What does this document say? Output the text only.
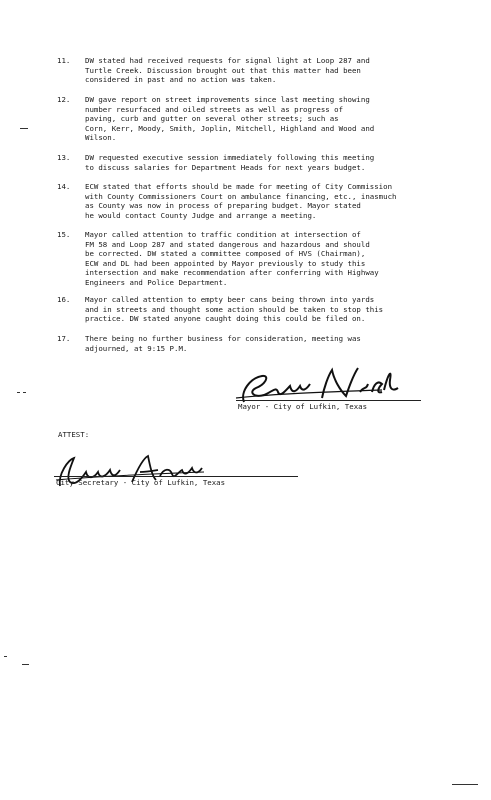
11.	DW stated had received requests for signal light at Loop 287 and
Turtle Creek. Discussion brought out that this matter had been
considered in past and no action was taken.
12.	DW gave report on street improvements since last meeting showing
number resurfaced and oiled streets as well as progress of
paving, curb and gutter on several other streets; such as
Corn, Kerr, Moody, Smith, Joplin, Mitchell, Highland and Wood and
Wilson.
13.	DW requested executive session immediately following this meeting
to discuss salaries for Department Heads for next years budget.
14.	ECW stated that efforts should be made for meeting of City Commission
with County Commissioners Court on ambulance financing, etc., inasmuch
as County was now in process of preparing budget. Mayor stated
he would contact County Judge and arrange a meeting.
15.	Mayor called attention to traffic condition at intersection of
FM 58 and Loop 287 and stated dangerous and hazardous and should
be corrected. DW stated a committee composed of HVS (Chairman),
ECW and DL had been appointed by Mayor previously to study this
intersection and make recommendation after conferring with Highway
Engineers and Police Department.
16.	Mayor called attention to empty beer cans being thrown into yards
and in streets and thought some action should be taken to stop this
practice. DW stated anyone caught doing this could be filed on.
17.	There being no further business for consideration, meeting was
adjourned, at 9:15 P.M.
Mayor - City of Lufkin, Texas
ATTEST:
City Secretary - City of Lufkin, Texas
